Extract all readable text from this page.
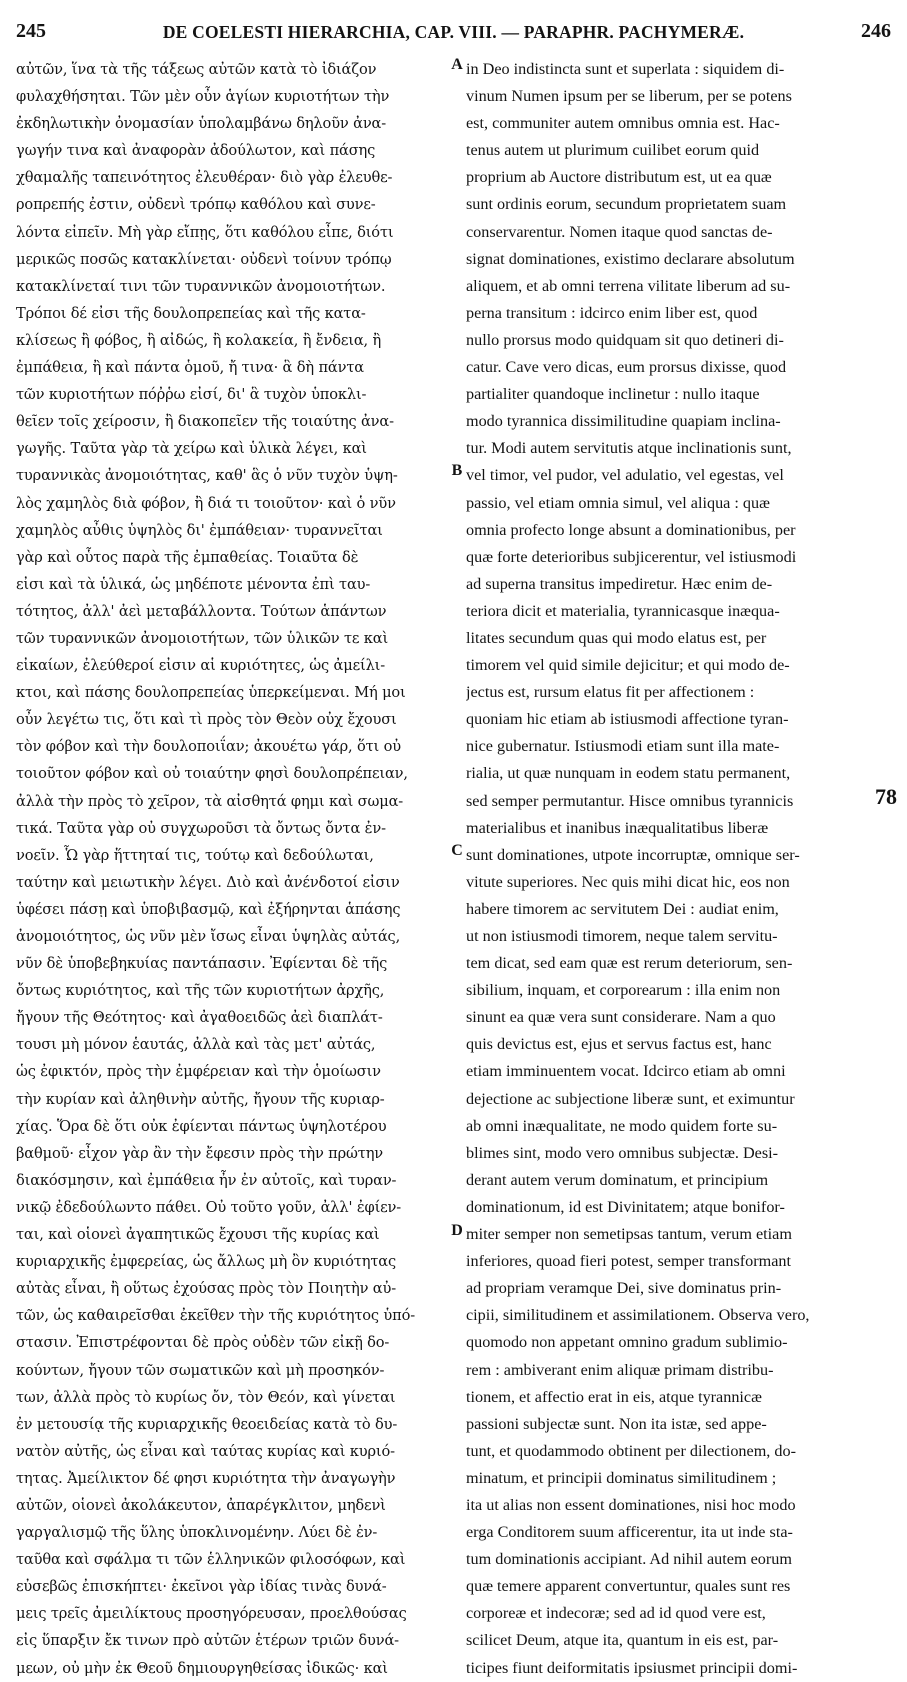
245	DE COELESTI HIERARCHIA, CAP. VIII. — PARAPHR. PACHYMERÆ.	246
αὐτῶν, ἵνα τὰ τῆς τάξεως αὐτῶν κατὰ τὸ ἰδιάζον
φυλαχθήσηται. Τῶν μὲν οὖν ἁγίων κυριοτήτων τὴν
ἐκδηλωτικὴν ὀνομασίαν ὑπολαμβάνω δηλοῦν ἀνα-
γωγήν τινα καὶ ἀναφορὰν ἀδούλωτον, καὶ πάσης
χθαμαλῆς ταπεινότητος ἐλευθέραν· διὸ γὰρ ἐλευθε-
ροπρεπής ἐστιν, οὐδενὶ τρόπῳ καθόλου καὶ συνε-
λόντα εἰπεῖν. Μὴ γὰρ εἴπῃς, ὅτι καθόλου εἶπε, διότι
μερικῶς ποσῶς κατακλίνεται· οὐδενὶ τοίνυν τρόπῳ
κατακλίνεταί τινι τῶν τυραννικῶν ἀνομοιοτήτων.
Τρόποι δέ εἰσι τῆς δουλοπρεπείας καὶ τῆς κατα-
κλίσεως ἢ φόβος, ἢ αἰδώς, ἢ κολακεία, ἢ ἔνδεια, ἢ
ἐμπάθεια, ἢ καὶ πάντα ὁμοῦ, ἤ τινα· ἃ δὴ πάντα
τῶν κυριοτήτων πόῤῥω εἰσί, δι' ἃ τυχὸν ὑποκλι-
θεῖεν τοῖς χείροσιν, ἢ διακοπεῖεν τῆς τοιαύτης ἀνα-
γωγῆς. Ταῦτα γὰρ τὰ χείρω καὶ ὑλικὰ λέγει, καὶ
τυραννικὰς ἀνομοιότητας, καθ' ἃς ὁ νῦν τυχὸν ὑψη-
λὸς χαμηλὸς διὰ φόβον, ἢ διά τι τοιοῦτον· καὶ ὁ νῦν
χαμηλὸς αὖθις ὑψηλὸς δι' ἐμπάθειαν· τυραννεῖται
γὰρ καὶ οὗτος παρὰ τῆς ἐμπαθείας. Τοιαῦτα δὲ
εἰσι καὶ τὰ ὑλικά, ὡς μηδέποτε μένοντα ἐπὶ ταυ-
τότητος, ἀλλ' ἀεὶ μεταβάλλοντα. Τούτων ἁπάντων
τῶν τυραννικῶν ἀνομοιοτήτων, τῶν ὑλικῶν τε καὶ
εἰκαίων, ἐλεύθεροί εἰσιν αἱ κυριότητες, ὡς ἀμείλι-
κτοι, καὶ πάσης δουλοπρεπείας ὑπερκείμεναι. Μή μοι
οὖν λεγέτω τις, ὅτι καὶ τὶ πρὸς τὸν Θεὸν οὐχ ἔχουσι
τὸν φόβον καὶ τὴν δουλοποιΐαν; ἀκουέτω γάρ, ὅτι οὐ
τοιοῦτον φόβον καὶ οὐ τοιαύτην φησὶ δουλοπρέπειαν,
ἀλλὰ τὴν πρὸς τὸ χεῖρον, τὰ αἰσθητά φημι καὶ σωμα-
τικά. Ταῦτα γὰρ οὐ συγχωροῦσι τὰ ὄντως ὄντα ἐν-
νοεῖν. Ὧ γὰρ ἥττηταί τις, τούτῳ καὶ δεδούλωται,
ταύτην καὶ μειωτικὴν λέγει. Διὸ καὶ ἀνένδοτοί εἰσιν
ὑφέσει πάσῃ καὶ ὑποβιβασμῷ, καὶ ἐξήρηνται ἁπάσης
ἀνομοιότητος, ὡς νῦν μὲν ἴσως εἶναι ὑψηλὰς αὐτάς,
νῦν δὲ ὑποβεβηκυίας παντάπασιν. Ἐφίενται δὲ τῆς
ὄντως κυριότητος, καὶ τῆς τῶν κυριοτήτων ἀρχῆς,
ἤγουν τῆς Θεότητος· καὶ ἀγαθοειδῶς ἀεὶ διαπλάτ-
τουσι μὴ μόνον ἑαυτάς, ἀλλὰ καὶ τὰς μετ' αὐτάς,
ὡς ἐφικτόν, πρὸς τὴν ἐμφέρειαν καὶ τὴν ὁμοίωσιν
τὴν κυρίαν καὶ ἀληθινὴν αὐτῆς, ἤγουν τῆς κυριαρ-
χίας. Ὅρα δὲ ὅτι οὐκ ἐφίενται πάντως ὑψηλοτέρου
βαθμοῦ· εἶχον γὰρ ἂν τὴν ἔφεσιν πρὸς τὴν πρώτην
διακόσμησιν, καὶ ἐμπάθεια ἦν ἐν αὐτοῖς, καὶ τυραν-
νικῷ ἐδεδούλωντο πάθει. Οὐ τοῦτο γοῦν, ἀλλ' ἐφίεν-
ται, καὶ οἱονεὶ ἀγαπητικῶς ἔχουσι τῆς κυρίας καὶ
κυριαρχικῆς ἐμφερείας, ὡς ἄλλως μὴ ὂν κυριότητας
αὐτὰς εἶναι, ἢ οὕτως ἐχούσας πρὸς τὸν Ποιητὴν αὐ-
τῶν, ὡς καθαιρεῖσθαι ἐκεῖθεν τὴν τῆς κυριότητος ὑπό-
στασιν. Ἐπιστρέφονται δὲ πρὸς οὐδὲν τῶν εἰκῇ δο-
κούντων, ἤγουν τῶν σωματικῶν καὶ μὴ προσηκόν-
των, ἀλλὰ πρὸς τὸ κυρίως ὄν, τὸν Θεόν, καὶ γίνεται
ἐν μετουσίᾳ τῆς κυριαρχικῆς θεοειδείας κατὰ τὸ δυ-
νατὸν αὐτῆς, ὡς εἶναι καὶ ταύτας κυρίας καὶ κυριό-
τητας. Ἀμείλικτον δέ φησι κυριότητα τὴν ἀναγωγὴν
αὐτῶν, οἱονεὶ ἀκολάκευτον, ἀπαρέγκλιτον, μηδενὶ
γαργαλισμῷ τῆς ὕλης ὑποκλινομένην. Λύει δὲ ἐν-
ταῦθα καὶ σφάλμα τι τῶν ἑλληνικῶν φιλοσόφων, καὶ
εὐσεβῶς ἐπισκήπτει· ἐκεῖνοι γὰρ ἰδίας τινὰς δυνά-
μεις τρεῖς ἀμειλίκτους προσηγόρευσαν, προελθούσας
εἰς ὕπαρξιν ἔκ τινων πρὸ αὐτῶν ἑτέρων τριῶν δυνά-
μεων, οὐ μὴν ἐκ Θεοῦ δημιουργηθείσας ἰδικῶς· καὶ
in Deo indistincta sunt et superlata : siquidem di-
vinum Numen ipsum per se liberum, per se potens
est, communiter autem omnibus omnia est. Hac-
tenus autem ut plurimum cuilibet eorum quid
proprium ab Auctore distributum est, ut ea quæ
sunt ordinis eorum, secundum proprietatem suam
conservarentur. Nomen itaque quod sanctas de-
signat dominationes, existimo declarare absolutum
aliquem, et ab omni terrena vilitate liberum ad su-
perna transitum : idcirco enim liber est, quod
nullo prorsus modo quidquam sit quo detineri di-
catur. Cave vero dicas, eum prorsus dixisse, quod
partialiter quandoque inclinetur : nullo itaque
modo tyrannica dissimilitudine quapiam inclina-
tur. Modi autem servitutis atque inclinationis sunt,
vel timor, vel pudor, vel adulatio, vel egestas, vel
passio, vel etiam omnia simul, vel aliqua : quæ
omnia profecto longe absunt a dominationibus, per
quæ forte deterioribus subjicerentur, vel istiusmodi
ad superna transitus impediretur. Hæc enim de-
teriora dicit et materialia, tyrannicasque inæqua-
litates secundum quas qui modo elatus est, per
timorem vel quid simile dejicitur; et qui modo de-
jectus est, rursum elatus fit per affectionem :
quoniam hic etiam ab istiusmodi affectione tyran-
nice gubernatur. Istiusmodi etiam sunt illa mate-
rialia, ut quæ nunquam in eodem statu permanent,
sed semper permutantur. Hisce omnibus tyrannicis
materialibus et inanibus inæqualitatibus liberæ
sunt dominationes, utpote incorruptæ, omnique ser-
vitute superiores. Nec quis mihi dicat hic, eos non
habere timorem ac servitutem Dei : audiat enim,
ut non istiusmodi timorem, neque talem servitu-
tem dicat, sed eam quæ est rerum deteriorum, sen-
sibilium, inquam, et corporearum : illa enim non
sinunt ea quæ vera sunt considerare. Nam a quo
quis devictus est, ejus et servus factus est, hanc
etiam imminuentem vocat. Idcirco etiam ab omni
dejectione ac subjectione liberæ sunt, et eximuntur
ab omni inæqualitate, ne modo quidem forte su-
blimes sint, modo vero omnibus subjectæ. Desi-
derant autem verum dominatum, et principium
dominationum, id est Divinitatem; atque bonifor-
miter semper non semetipsas tantum, verum etiam
inferiores, quoad fieri potest, semper transformant
ad propriam veramque Dei, sive dominatus prin-
cipii, similitudinem et assimilationem. Observa vero,
quomodo non appetant omnino gradum sublimio-
rem : ambiverant enim aliquæ primam distribu-
tionem, et affectio erat in eis, atque tyrannicæ
passioni subjectæ sunt. Non ita istæ, sed appe-
tunt, et quodammodo obtinent per dilectionem, do-
minatum, et principii dominatus similitudinem ;
ita ut alias non essent dominationes, nisi hoc modo
erga Conditorem suum afficerentur, ita ut inde sta-
tum dominationis accipiant. Ad nihil autem eorum
quæ temere apparent convertuntur, quales sunt res
corporeæ et indecoræ; sed ad id quod vere est,
scilicet Deum, atque ita, quantum in eis est, par-
ticipes fiunt deiformitatis ipsiusmet principii domi-
A
B
C
D
78
